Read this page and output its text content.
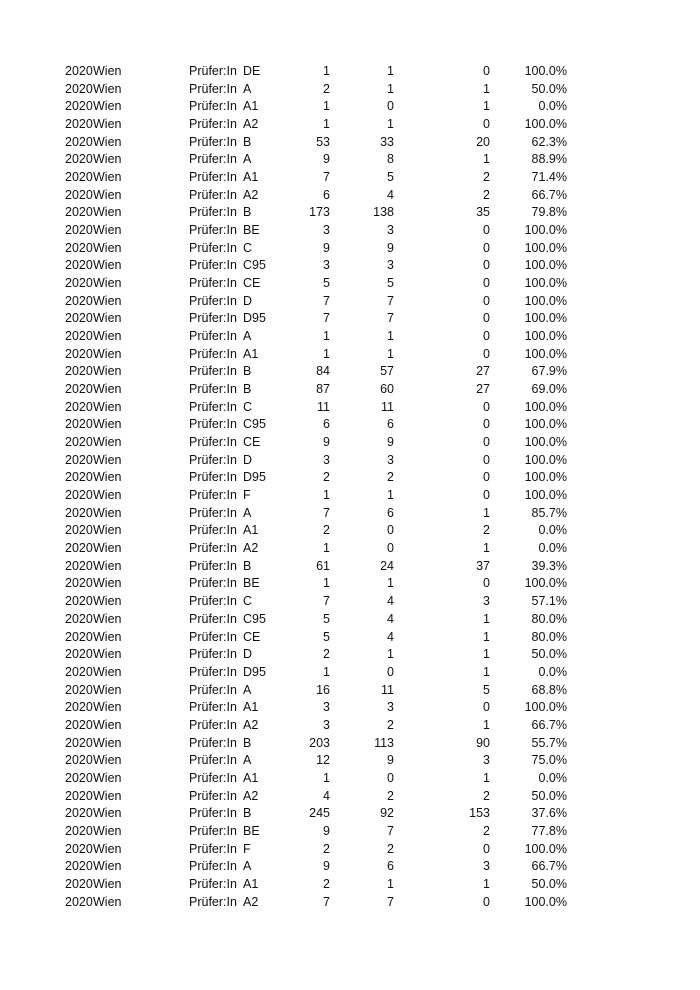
2020 Wien	Prüfer:In DE	1	1	0	100.0%
2020 Wien	Prüfer:In A	2	1	1	50.0%
2020 Wien	Prüfer:In A1	1	0	1	0.0%
2020 Wien	Prüfer:In A2	1	1	0	100.0%
2020 Wien	Prüfer:In B	53	33	20	62.3%
2020 Wien	Prüfer:In A	9	8	1	88.9%
2020 Wien	Prüfer:In A1	7	5	2	71.4%
2020 Wien	Prüfer:In A2	6	4	2	66.7%
2020 Wien	Prüfer:In B	173	138	35	79.8%
2020 Wien	Prüfer:In BE	3	3	0	100.0%
2020 Wien	Prüfer:In C	9	9	0	100.0%
2020 Wien	Prüfer:In C95	3	3	0	100.0%
2020 Wien	Prüfer:In CE	5	5	0	100.0%
2020 Wien	Prüfer:In D	7	7	0	100.0%
2020 Wien	Prüfer:In D95	7	7	0	100.0%
2020 Wien	Prüfer:In A	1	1	0	100.0%
2020 Wien	Prüfer:In A1	1	1	0	100.0%
2020 Wien	Prüfer:In B	84	57	27	67.9%
2020 Wien	Prüfer:In B	87	60	27	69.0%
2020 Wien	Prüfer:In C	11	11	0	100.0%
2020 Wien	Prüfer:In C95	6	6	0	100.0%
2020 Wien	Prüfer:In CE	9	9	0	100.0%
2020 Wien	Prüfer:In D	3	3	0	100.0%
2020 Wien	Prüfer:In D95	2	2	0	100.0%
2020 Wien	Prüfer:In F	1	1	0	100.0%
2020 Wien	Prüfer:In A	7	6	1	85.7%
2020 Wien	Prüfer:In A1	2	0	2	0.0%
2020 Wien	Prüfer:In A2	1	0	1	0.0%
2020 Wien	Prüfer:In B	61	24	37	39.3%
2020 Wien	Prüfer:In BE	1	1	0	100.0%
2020 Wien	Prüfer:In C	7	4	3	57.1%
2020 Wien	Prüfer:In C95	5	4	1	80.0%
2020 Wien	Prüfer:In CE	5	4	1	80.0%
2020 Wien	Prüfer:In D	2	1	1	50.0%
2020 Wien	Prüfer:In D95	1	0	1	0.0%
2020 Wien	Prüfer:In A	16	11	5	68.8%
2020 Wien	Prüfer:In A1	3	3	0	100.0%
2020 Wien	Prüfer:In A2	3	2	1	66.7%
2020 Wien	Prüfer:In B	203	113	90	55.7%
2020 Wien	Prüfer:In A	12	9	3	75.0%
2020 Wien	Prüfer:In A1	1	0	1	0.0%
2020 Wien	Prüfer:In A2	4	2	2	50.0%
2020 Wien	Prüfer:In B	245	92	153	37.6%
2020 Wien	Prüfer:In BE	9	7	2	77.8%
2020 Wien	Prüfer:In F	2	2	0	100.0%
2020 Wien	Prüfer:In A	9	6	3	66.7%
2020 Wien	Prüfer:In A1	2	1	1	50.0%
2020 Wien	Prüfer:In A2	7	7	0	100.0%
